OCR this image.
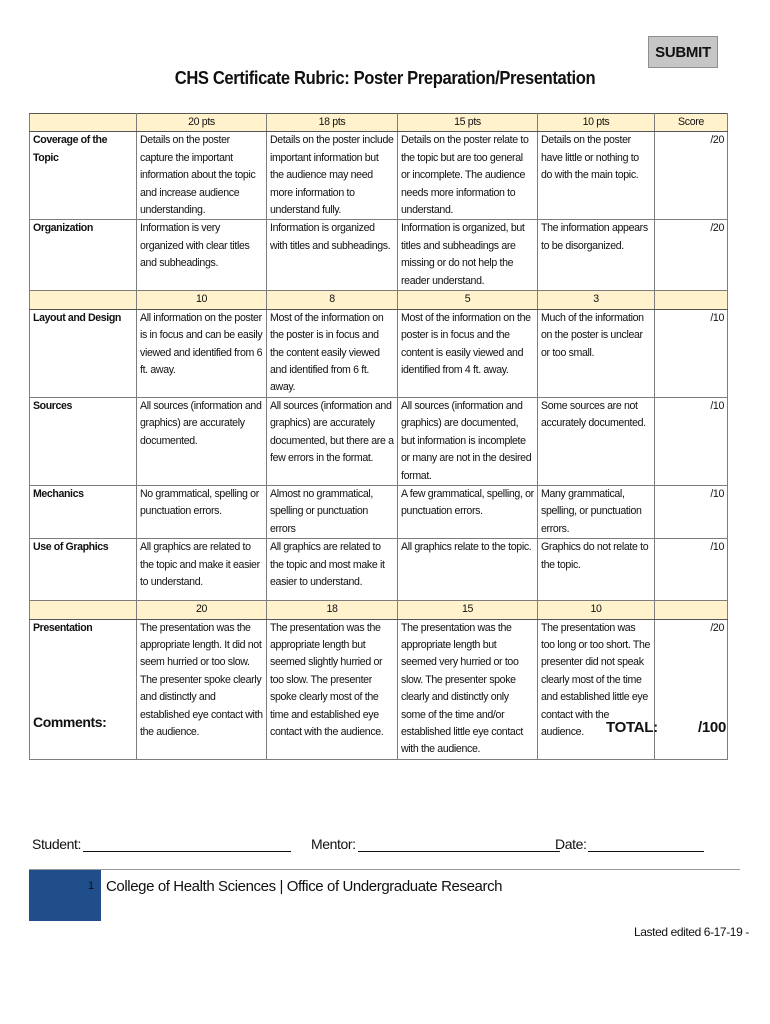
SUBMIT
CHS Certificate Rubric: Poster Preparation/Presentation
	20 pts	18 pts	15 pts	10 pts	Score
Coverage of the Topic	Details on the poster capture the important information about the topic and increase audience understanding.	Details on the poster include important information but the audience may need more information to understand fully.	Details on the poster relate to the topic but are too general or incomplete. The audience needs more information to understand.	Details on the poster have little or nothing to do with the main topic.	/20
Organization	Information is very organized with clear titles and subheadings.	Information is organized with titles and subheadings.	Information is organized, but titles and subheadings are missing or do not help the reader understand.	The information appears to be disorganized.	/20
	10	8	5	3	
Layout and Design	All information on the poster is in focus and can be easily viewed and identified from 6 ft. away.	Most of the information on the poster is in focus and the content easily viewed and identified from 6 ft. away.	Most of the information on the poster is in focus and the content is easily viewed and identified from 4 ft. away.	Much of the information on the poster is unclear or too small.	/10
Sources	All sources (information and graphics) are accurately documented.	All sources (information and graphics) are accurately documented, but there are a few errors in the format.	All sources (information and graphics) are documented, but information is incomplete or many are not in the desired format.	Some sources are not accurately documented.	/10
Mechanics	No grammatical, spelling or punctuation errors.	Almost no grammatical, spelling or punctuation errors	A few grammatical, spelling, or punctuation errors.	Many grammatical, spelling, or punctuation errors.	/10
Use of Graphics	All graphics are related to the topic and make it easier to understand.	All graphics are related to the topic and most make it easier to understand.	All graphics relate to the topic.	Graphics do not relate to the topic.	/10
	20	18	15	10	
Presentation	The presentation was the appropriate length. It did not seem hurried or too slow. The presenter spoke clearly and distinctly and established eye contact with the audience.	The presentation was the appropriate length but seemed slightly hurried or too slow. The presenter spoke clearly most of the time and established eye contact with the audience.	The presentation was the appropriate length but seemed very hurried or too slow. The presenter spoke clearly and distinctly only some of the time and/or established little eye contact with the audience.	The presentation was too long or too short. The presenter did not speak clearly most of the time and established little eye contact with the audience.	/20
Comments:	TOTAL:	/100
Student:	Mentor:	Date:
1 College of Health Sciences | Office of Undergraduate Research
Lasted edited 6-17-19 -
